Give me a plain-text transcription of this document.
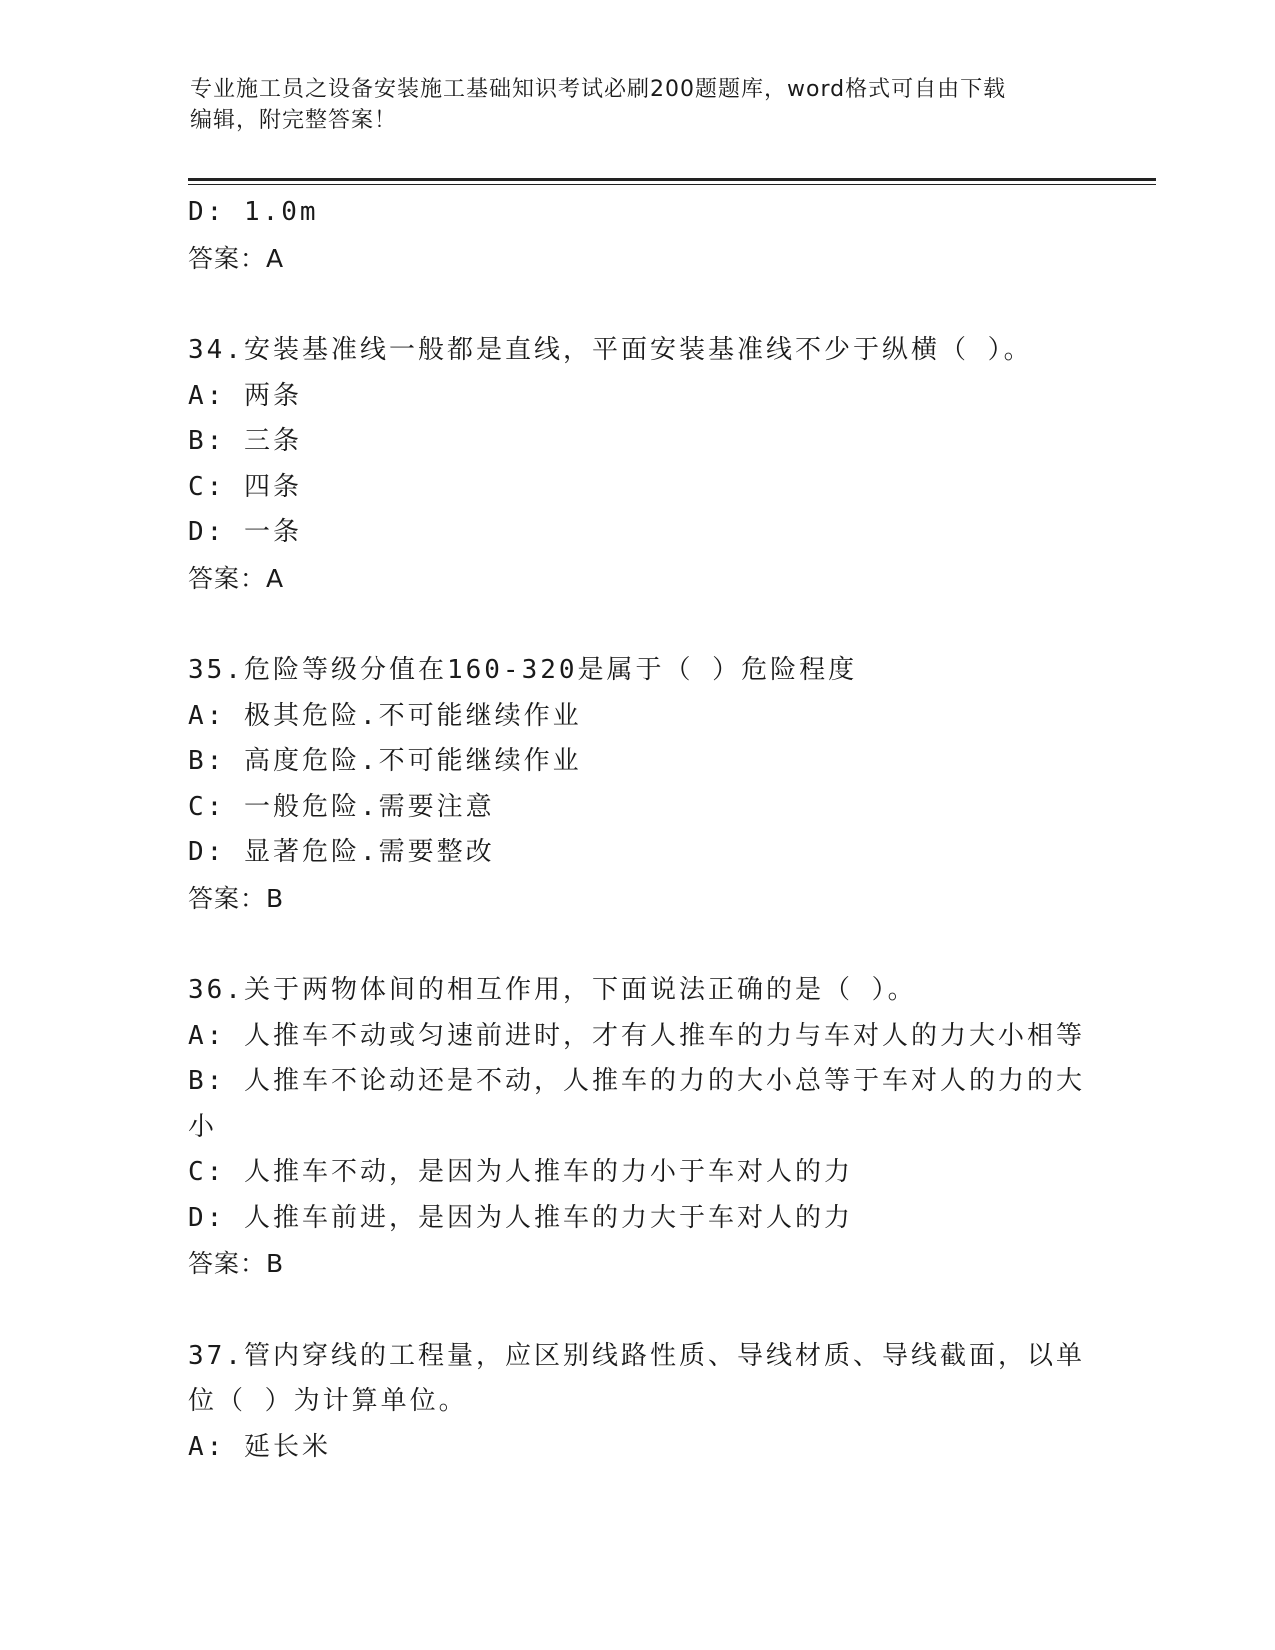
专业施工员之设备安装施工基础知识考试必刷200题题库，word格式可自由下载
编辑，附完整答案！
D: 1.0m
答案：A
34.安装基准线一般都是直线，平面安装基准线不少于纵横（ ）。
A: 两条
B: 三条
C: 四条
D: 一条
答案：A
35.危险等级分值在160-320是属于（ ）危险程度
A: 极其危险.不可能继续作业
B: 高度危险.不可能继续作业
C: 一般危险.需要注意
D: 显著危险.需要整改
答案：B
36.关于两物体间的相互作用，下面说法正确的是（ ）。
A: 人推车不动或匀速前进时，才有人推车的力与车对人的力大小相等
B: 人推车不论动还是不动，人推车的力的大小总等于车对人的力的大
小
C: 人推车不动，是因为人推车的力小于车对人的力
D: 人推车前进，是因为人推车的力大于车对人的力
答案：B
37.管内穿线的工程量，应区别线路性质、导线材质、导线截面，以单
位（ ）为计算单位。
A: 延长米
